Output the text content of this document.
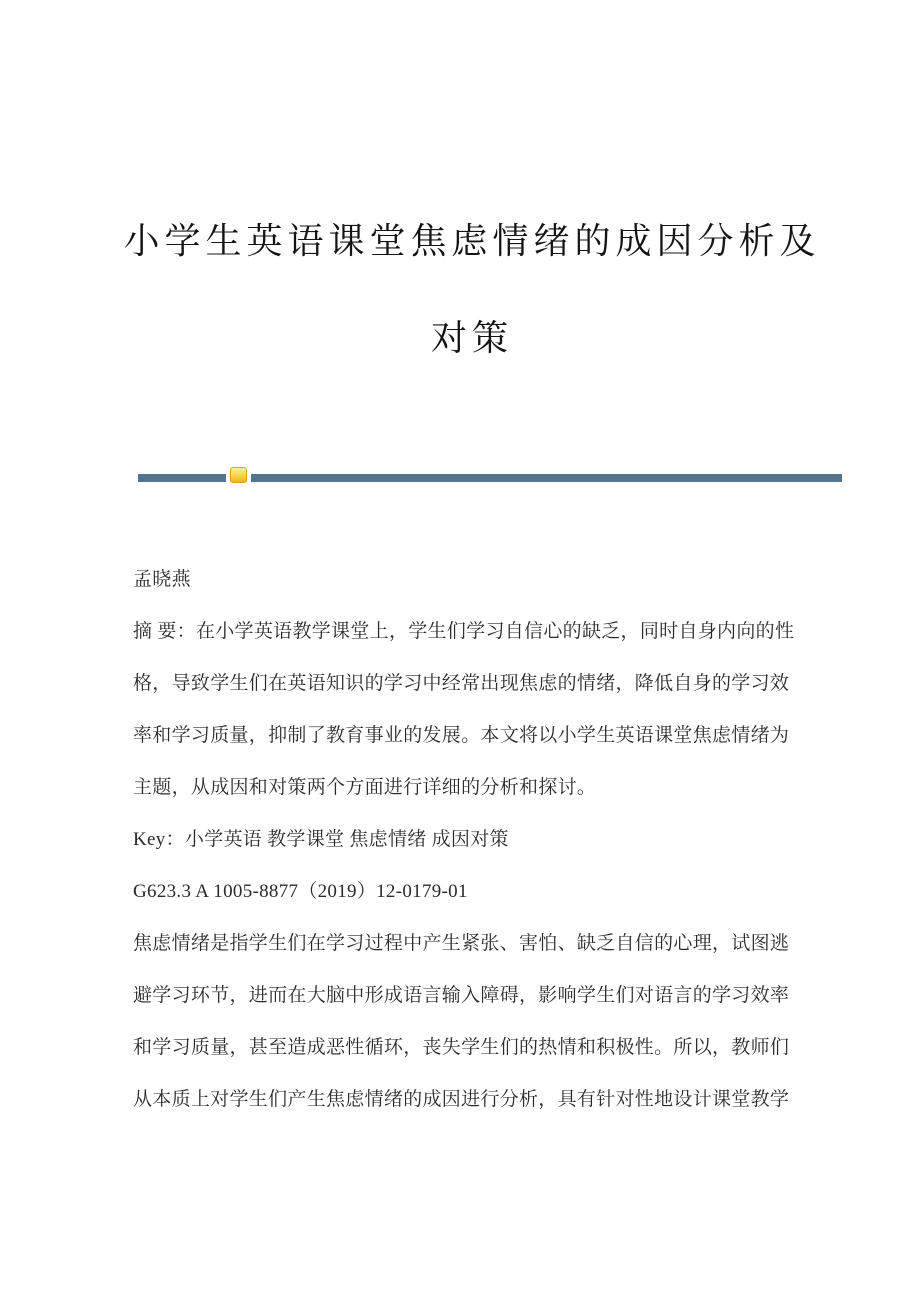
小学生英语课堂焦虑情绪的成因分析及
对策
孟晓燕
摘 要：在小学英语教学课堂上，学生们学习自信心的缺乏，同时自身内向的性
格，导致学生们在英语知识的学习中经常出现焦虑的情绪，降低自身的学习效
率和学习质量，抑制了教育事业的发展。本文将以小学生英语课堂焦虑情绪为
主题，从成因和对策两个方面进行详细的分析和探讨。
Key：小学英语 教学课堂 焦虑情绪 成因对策
G623.3 A 1005-8877（2019）12-0179-01
焦虑情绪是指学生们在学习过程中产生紧张、害怕、缺乏自信的心理，试图逃
避学习环节，进而在大脑中形成语言输入障碍，影响学生们对语言的学习效率
和学习质量，甚至造成恶性循环，丧失学生们的热情和积极性。所以，教师们
从本质上对学生们产生焦虑情绪的成因进行分析，具有针对性地设计课堂教学
